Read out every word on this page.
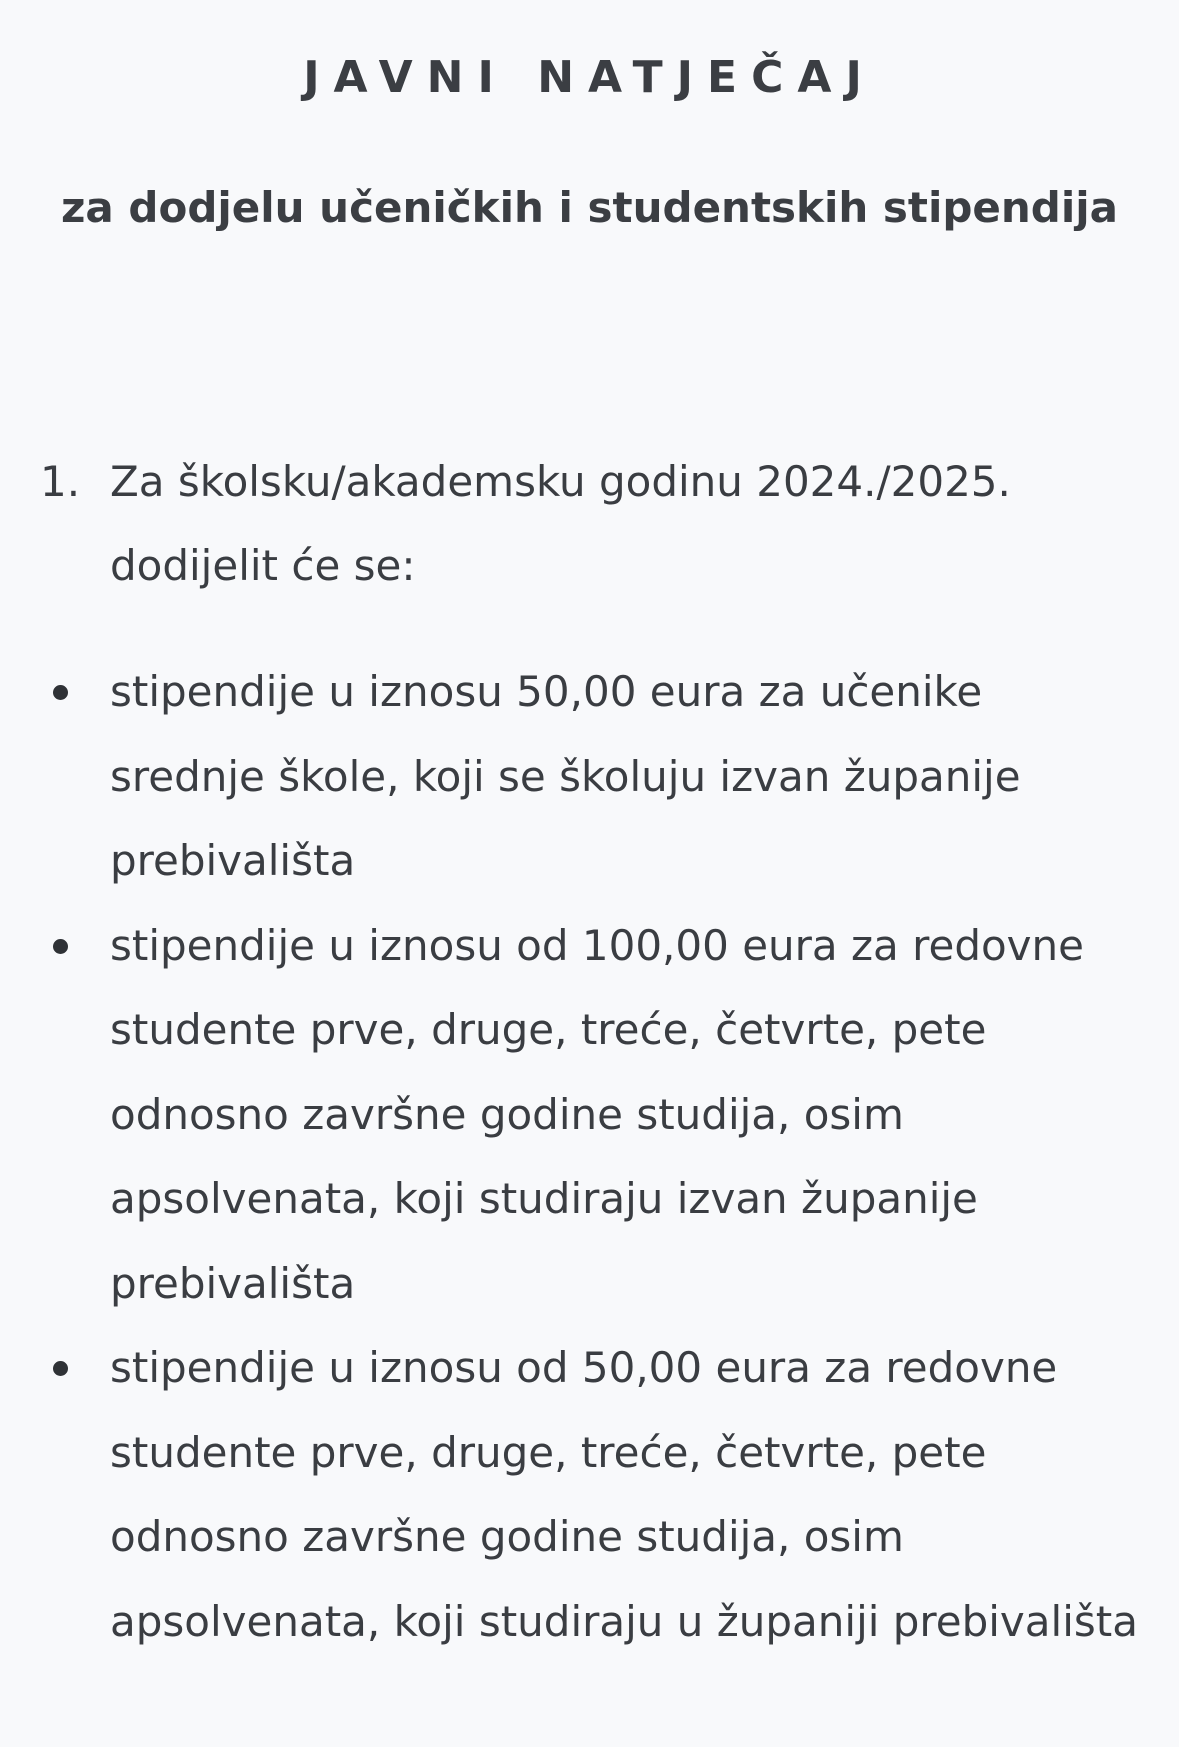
JAVNI NATJEČAJ
za dodjelu učeničkih i studentskih stipendija
1. Za školsku/akademsku godinu 2024./2025. dodijelit će se:
stipendije u iznosu 50,00 eura za učenike srednje škole, koji se školuju izvan županije prebivališta
stipendije u iznosu od 100,00 eura za redovne studente prve, druge, treće, četvrte, pete odnosno završne godine studija, osim apsolvenata, koji studiraju izvan županije prebivališta
stipendije u iznosu od 50,00 eura za redovne studente prve, druge, treće, četvrte, pete odnosno završne godine studija, osim apsolvenata, koji studiraju u županiji prebivališta
